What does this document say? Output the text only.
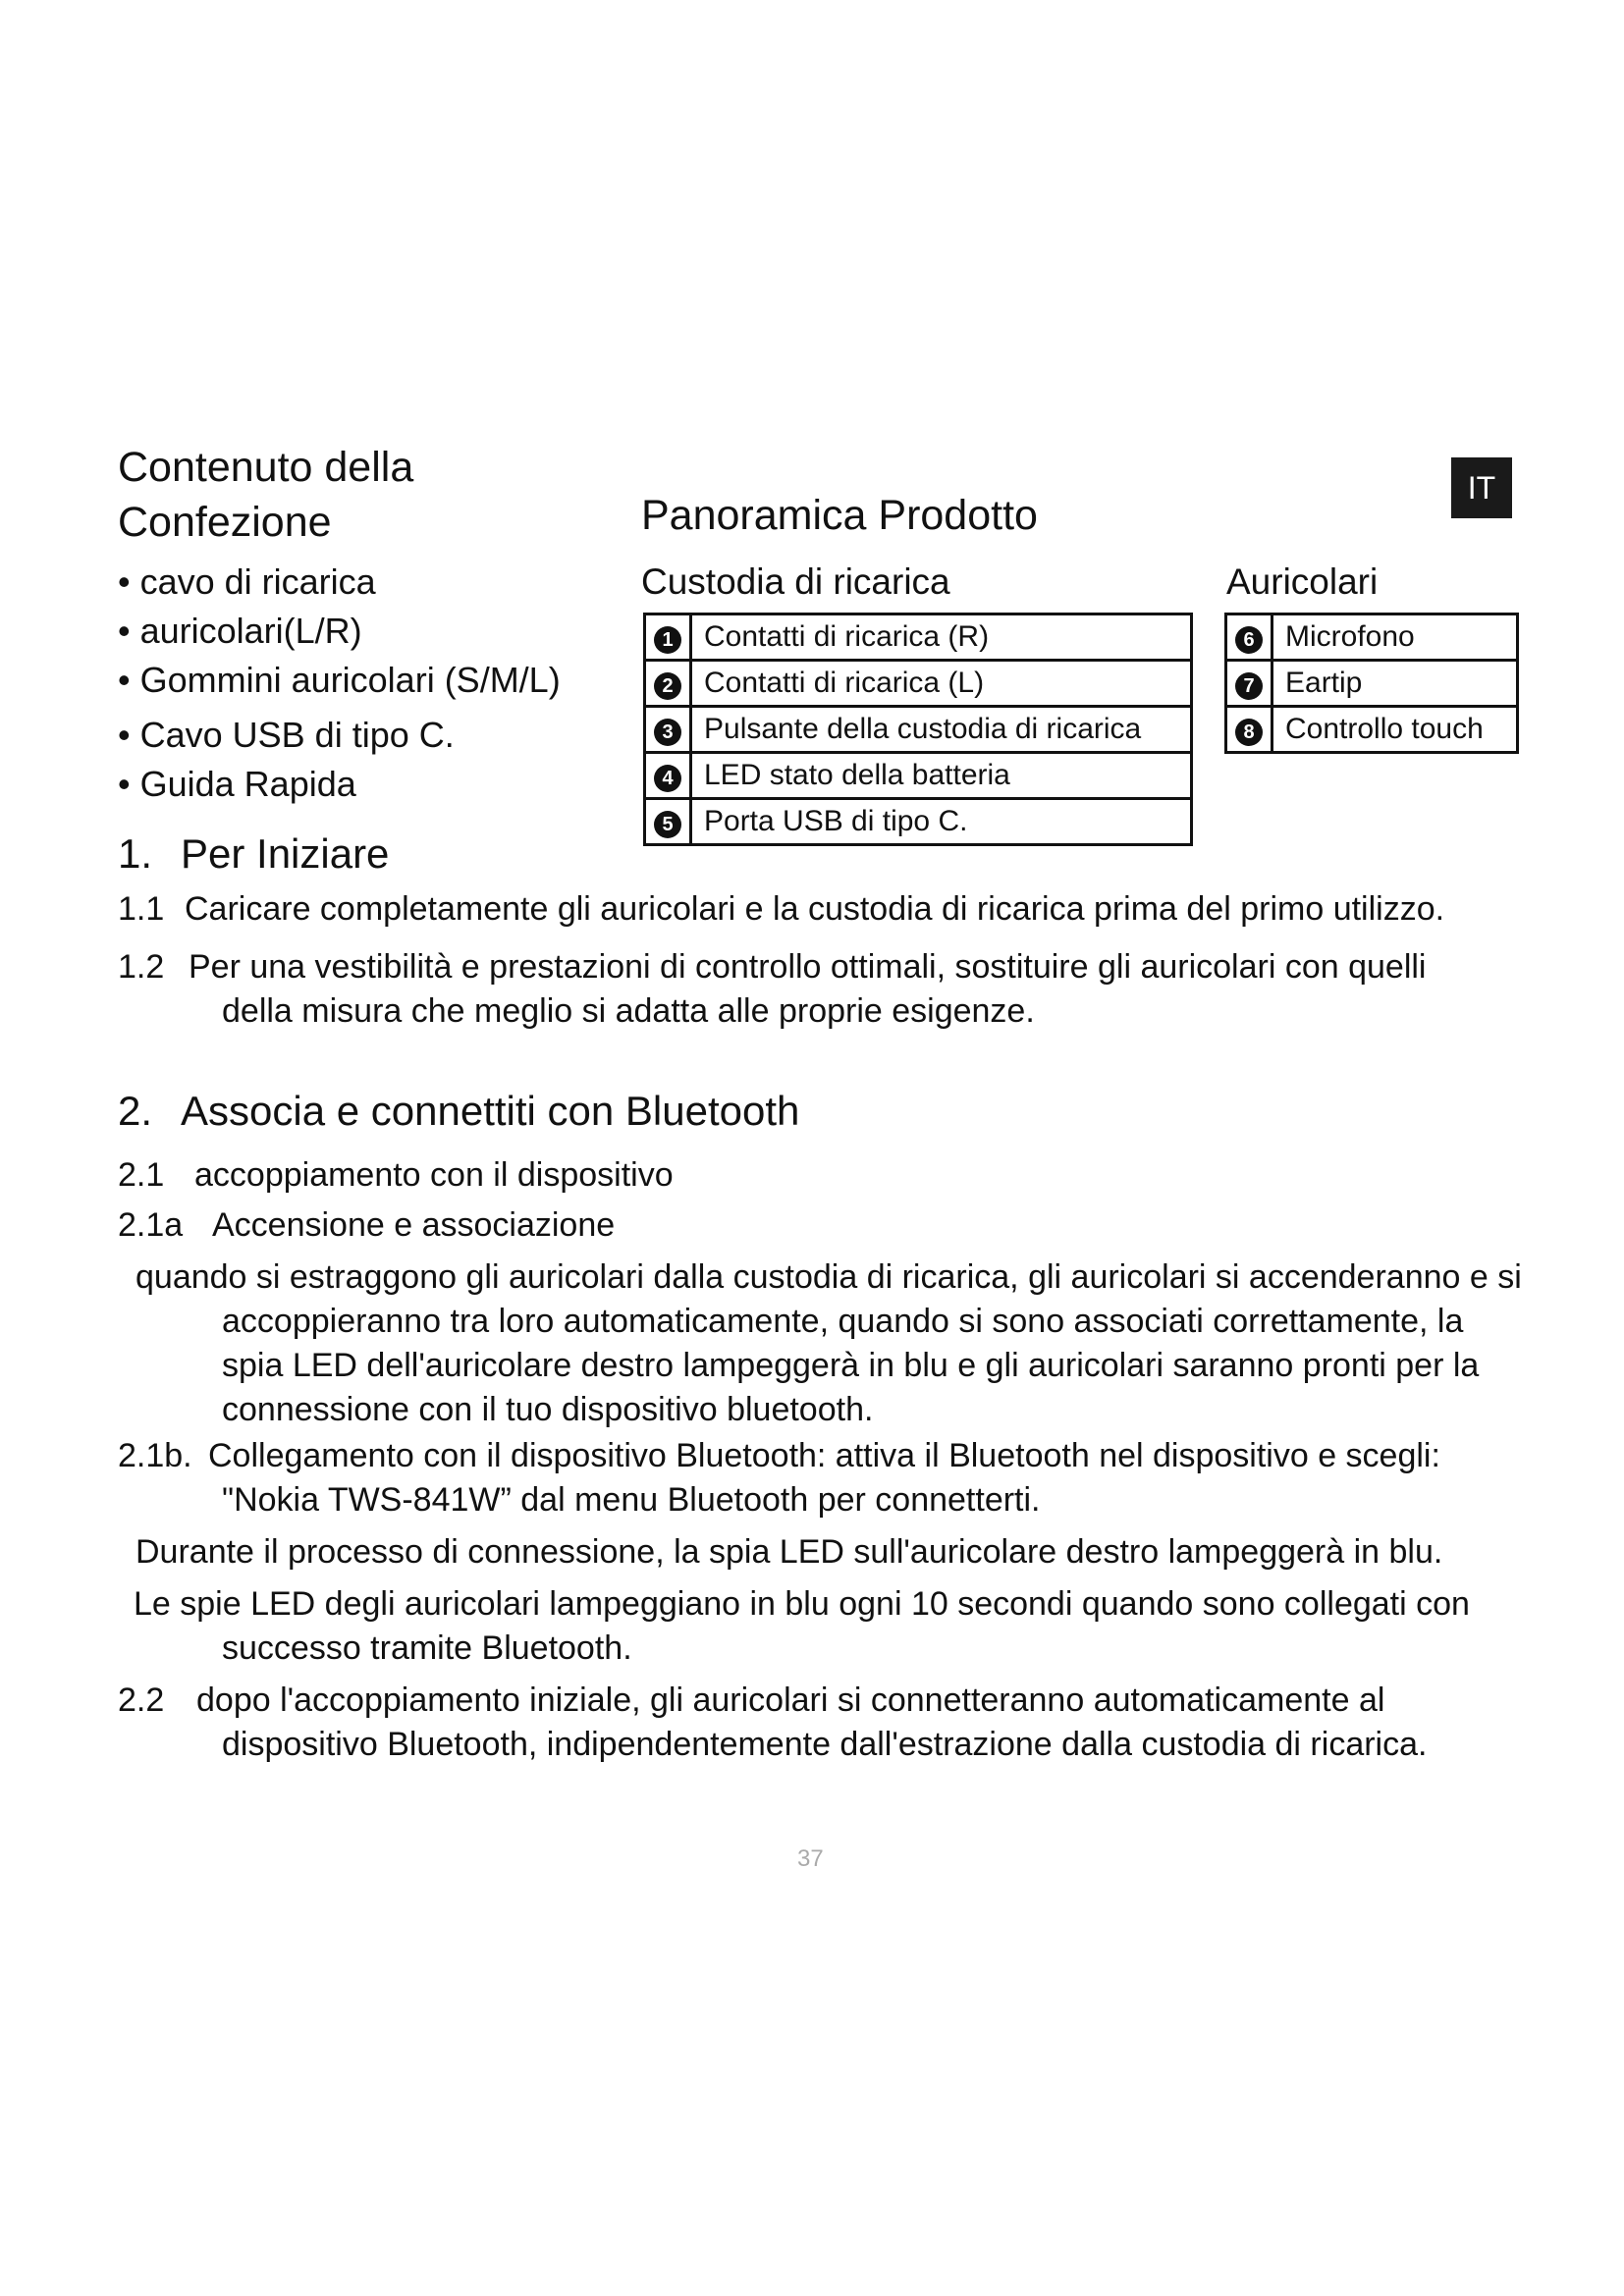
IT
Contenuto della
Confezione
• cavo di ricarica
• auricolari(L/R)
• Gommini auricolari (S/M/L)
• Cavo USB di tipo C.
• Guida Rapida
Panoramica Prodotto
Custodia di ricarica
1	Contatti di ricarica (R)
2	Contatti di ricarica (L)
3	Pulsante della custodia di ricarica
4	LED stato della batteria
5	Porta USB di tipo C.
Auricolari
6	Microfono
7	Eartip
8	Controllo touch
1. Per Iniziare

1.1 Caricare completamente gli auricolari e la custodia di ricarica prima del primo utilizzo.

1.2 Per una vestibilità e prestazioni di controllo ottimali, sostituire gli auricolari con quelli della misura che meglio si adatta alle proprie esigenze.

2. Associa e connettiti con Bluetooth

2.1 accoppiamento con il dispositivo

2.1a Accensione e associazione

quando si estraggono gli auricolari dalla custodia di ricarica, gli auricolari si accenderanno e si accoppieranno tra loro automaticamente, quando si sono associati correttamente, la spia LED dell'auricolare destro lampeggerà in blu e gli auricolari saranno pronti per la connessione con il tuo dispositivo bluetooth.

2.1b. Collegamento con il dispositivo Bluetooth: attiva il Bluetooth nel dispositivo e scegli: "Nokia TWS-841W” dal menu Bluetooth per connetterti.

Durante il processo di connessione, la spia LED sull'auricolare destro lampeggerà in blu.

Le spie LED degli auricolari lampeggiano in blu ogni 10 secondi quando sono collegati con successo tramite Bluetooth.

2.2 dopo l'accoppiamento iniziale, gli auricolari si connetteranno automaticamente al dispositivo Bluetooth, indipendentemente dall'estrazione dalla custodia di ricarica.

37
